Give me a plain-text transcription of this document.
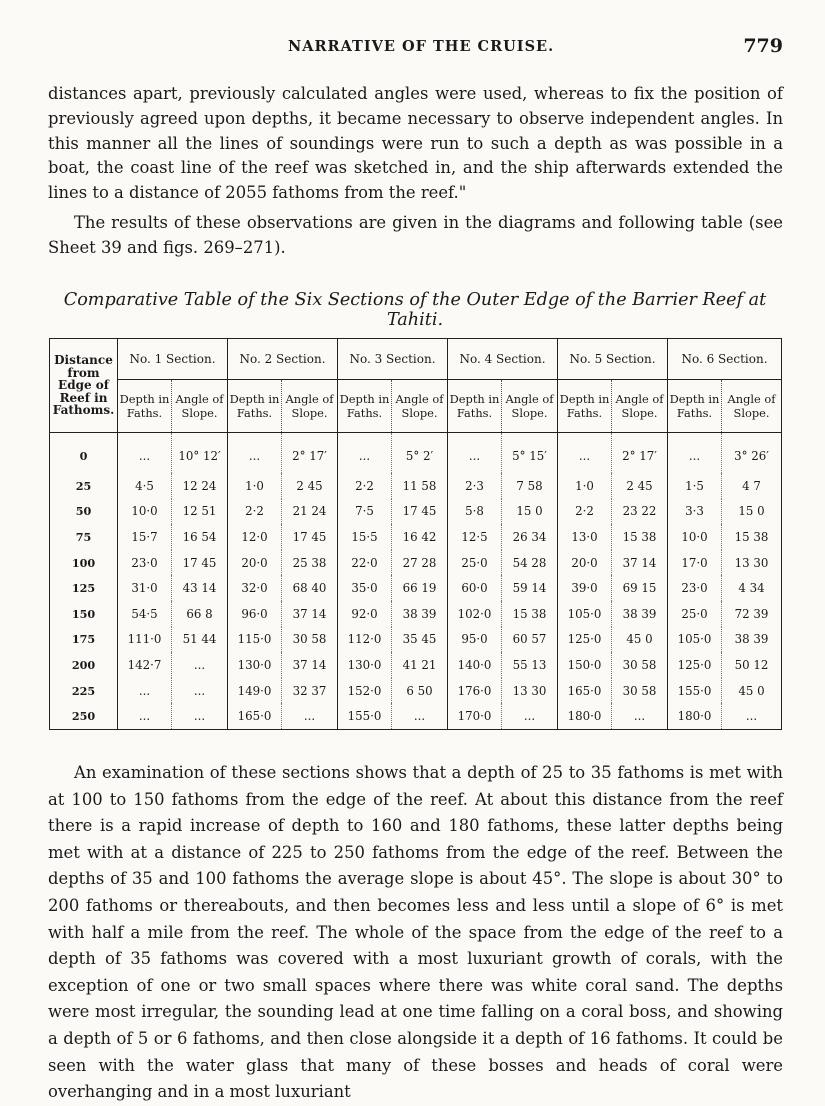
NARRATIVE OF THE CRUISE.	779

distances apart, previously calculated angles were used, whereas to fix the position of previously agreed upon depths, it became necessary to observe independent angles. In this manner all the lines of soundings were run to such a depth as was possible in a boat, the coast line of the reef was sketched in, and the ship afterwards extended the lines to a distance of 2055 fathoms from the reef."

The results of these observations are given in the diagrams and following table (see Sheet 39 and figs. 269–271).

Comparative Table of the Six Sections of the Outer Edge of the Barrier Reef at Tahiti.

Distance from Edge of Reef in Fathoms.	No. 1 Section.		No. 2 Section.		No. 3 Section.		No. 4 Section.		No. 5 Section.		No. 6 Section.	
	Depth in Faths.	Angle of Slope.	Depth in Faths.	Angle of Slope.	Depth in Faths.	Angle of Slope.	Depth in Faths.	Angle of Slope.	Depth in Faths.	Angle of Slope.	Depth in Faths.	Angle of Slope.
0	...	10° 12′	...	2° 17′	...	5° 2′	...	5° 15′	...	2° 17′	...	3° 26′
25	4·5	12 24	1·0	2 45	2·2	11 58	2·3	7 58	1·0	2 45	1·5	4 7
50	10·0	12 51	2·2	21 24	7·5	17 45	5·8	15 0	2·2	23 22	3·3	15 0
75	15·7	16 54	12·0	17 45	15·5	16 42	12·5	26 34	13·0	15 38	10·0	15 38
100	23·0	17 45	20·0	25 38	22·0	27 28	25·0	54 28	20·0	37 14	17·0	13 30
125	31·0	43 14	32·0	68 40	35·0	66 19	60·0	59 14	39·0	69 15	23·0	4 34
150	54·5	66 8	96·0	37 14	92·0	38 39	102·0	15 38	105·0	38 39	25·0	72 39
175	111·0	51 44	115·0	30 58	112·0	35 45	95·0	60 57	125·0	45 0	105·0	38 39
200	142·7	...	130·0	37 14	130·0	41 21	140·0	55 13	150·0	30 58	125·0	50 12
225	...	...	149·0	32 37	152·0	6 50	176·0	13 30	165·0	30 58	155·0	45 0
250	...	...	165·0	...	155·0	...	170·0	...	180·0	...	180·0	...

An examination of these sections shows that a depth of 25 to 35 fathoms is met with at 100 to 150 fathoms from the edge of the reef. At about this distance from the reef there is a rapid increase of depth to 160 and 180 fathoms, these latter depths being met with at a distance of 225 to 250 fathoms from the edge of the reef. Between the depths of 35 and 100 fathoms the average slope is about 45°. The slope is about 30° to 200 fathoms or thereabouts, and then becomes less and less until a slope of 6° is met with half a mile from the reef. The whole of the space from the edge of the reef to a depth of 35 fathoms was covered with a most luxuriant growth of corals, with the exception of one or two small spaces where there was white coral sand. The depths were most irregular, the sounding lead at one time falling on a coral boss, and showing a depth of 5 or 6 fathoms, and then close alongside it a depth of 16 fathoms. It could be seen with the water glass that many of these bosses and heads of coral were overhanging and in a most luxuriant
